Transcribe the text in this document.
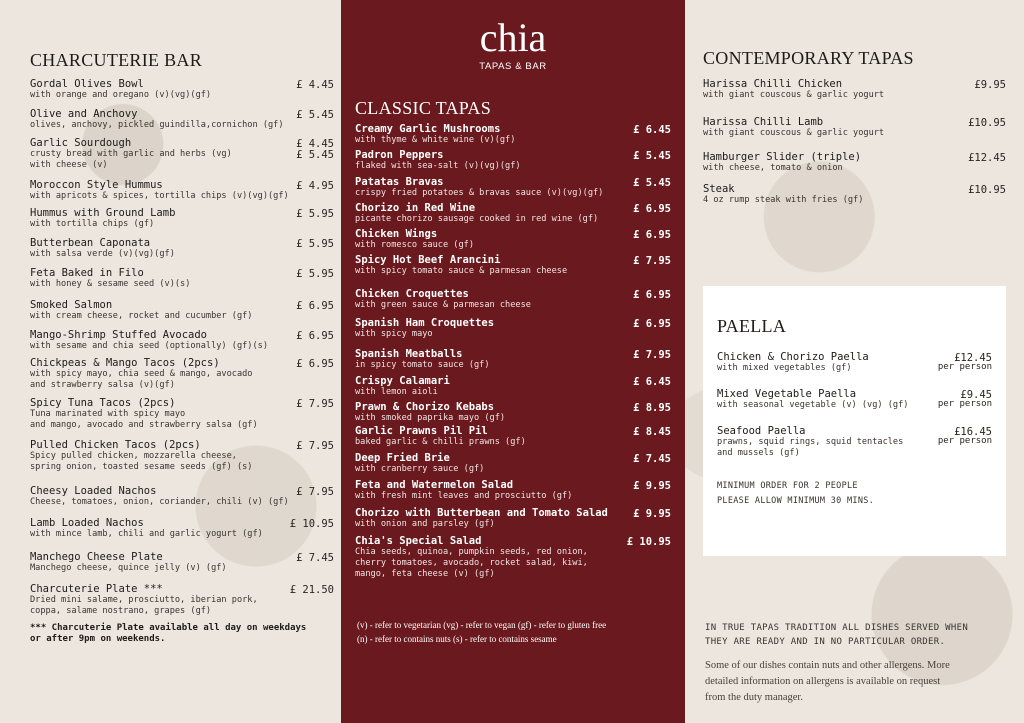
CHARCUTERIE BAR
Gordal Olives Bowl
with orange and oregano (v)(vg)(gf)
£ 4.45
Olive and Anchovy
olives, anchovy, pickled guindilla,cornichon (gf)
£ 5.45
Garlic Sourdough
crusty bread with garlic and herbs (vg)
with cheese (v)
£ 4.45
£ 5.45
Moroccon Style Hummus
with apricots & spices, tortilla chips (v)(vg)(gf)
£ 4.95
Hummus with Ground Lamb
with tortilla chips (gf)
£ 5.95
Butterbean Caponata
with salsa verde (v)(vg)(gf)
£ 5.95
Feta Baked in Filo
with honey & sesame seed (v)(s)
£ 5.95
Smoked Salmon
with cream cheese, rocket and cucumber (gf)
£ 6.95
Mango-Shrimp Stuffed Avocado
with sesame and chia seed (optionally) (gf)(s)
£ 6.95
Chickpeas & Mango Tacos (2pcs)
with spicy mayo, chia seed & mango, avocado
and strawberry salsa (v)(gf)
£ 6.95
Spicy Tuna Tacos (2pcs)
Tuna marinated with spicy mayo
and mango, avocado and strawberry salsa (gf)
£ 7.95
Pulled Chicken Tacos (2pcs)
Spicy pulled chicken, mozzarella cheese,
spring onion, toasted sesame seeds (gf) (s)
£ 7.95
Cheesy Loaded Nachos
Cheese, tomatoes, onion, coriander, chili (v) (gf)
£ 7.95
Lamb Loaded Nachos
with mince lamb, chili and garlic yogurt (gf)
£ 10.95
Manchego Cheese Plate
Manchego cheese, quince jelly (v) (gf)
£ 7.45
Charcuterie Plate ***
Dried mini salame, prosciutto, iberian pork,
coppa, salame nostrano, grapes (gf)
£ 21.50
*** Charcuterie Plate available all day on weekdays
or after 9pm on weekends.
chia
TAPAS & BAR
CLASSIC TAPAS
Creamy Garlic Mushrooms
with thyme & white wine (v)(gf)
£ 6.45
Padron Peppers
flaked with sea-salt (v)(vg)(gf)
£ 5.45
Patatas Bravas
crispy fried potatoes & bravas sauce (v)(vg)(gf)
£ 5.45
Chorizo in Red Wine
picante chorizo sausage cooked in red wine (gf)
£ 6.95
Chicken Wings
with romesco sauce (gf)
£ 6.95
Spicy Hot Beef Arancini
with spicy tomato sauce & parmesan cheese
£ 7.95
Chicken Croquettes
with green sauce & parmesan cheese
£ 6.95
Spanish Ham Croquettes
with spicy mayo
£ 6.95
Spanish Meatballs
in spicy tomato sauce (gf)
£ 7.95
Crispy Calamari
with lemon aioli
£ 6.45
Prawn & Chorizo Kebabs
with smoked paprika mayo (gf)
£ 8.95
Garlic Prawns Pil Pil
baked garlic & chilli prawns (gf)
£ 8.45
Deep Fried Brie
with cranberry sauce (gf)
£ 7.45
Feta and Watermelon Salad
with fresh mint leaves and prosciutto (gf)
£ 9.95
Chorizo with Butterbean and Tomato Salad
with onion and parsley (gf)
£ 9.95
Chia's Special Salad
Chia seeds, quinoa, pumpkin seeds, red onion,
cherry tomatoes, avocado, rocket salad, kiwi,
mango, feta cheese (v) (gf)
£ 10.95
(v) - refer to vegetarian (vg) - refer to vegan (gf) - refer to gluten free
(n) - refer to contains nuts (s) - refer to contains sesame
CONTEMPORARY TAPAS
Harissa Chilli Chicken
with giant couscous & garlic yogurt
£9.95
Harissa Chilli Lamb
with giant couscous & garlic yogurt
£10.95
Hamburger Slider (triple)
with cheese, tomato & onion
£12.45
Steak
4 oz rump steak with fries (gf)
£10.95
PAELLA
Chicken & Chorizo Paella
with mixed vegetables (gf)
£12.45
per person
Mixed Vegetable Paella
with seasonal vegetable (v) (vg) (gf)
£9.45
per person
Seafood Paella
prawns, squid rings, squid tentacles
and mussels (gf)
£16.45
per person
MINIMUM ORDER FOR 2 PEOPLE
PLEASE ALLOW MINIMUM 30 MINS.
IN TRUE TAPAS TRADITION ALL DISHES SERVED WHEN
THEY ARE READY AND IN NO PARTICULAR ORDER.
Some of our dishes contain nuts and other allergens. More
detailed information on allergens is available on request
from the duty manager.
